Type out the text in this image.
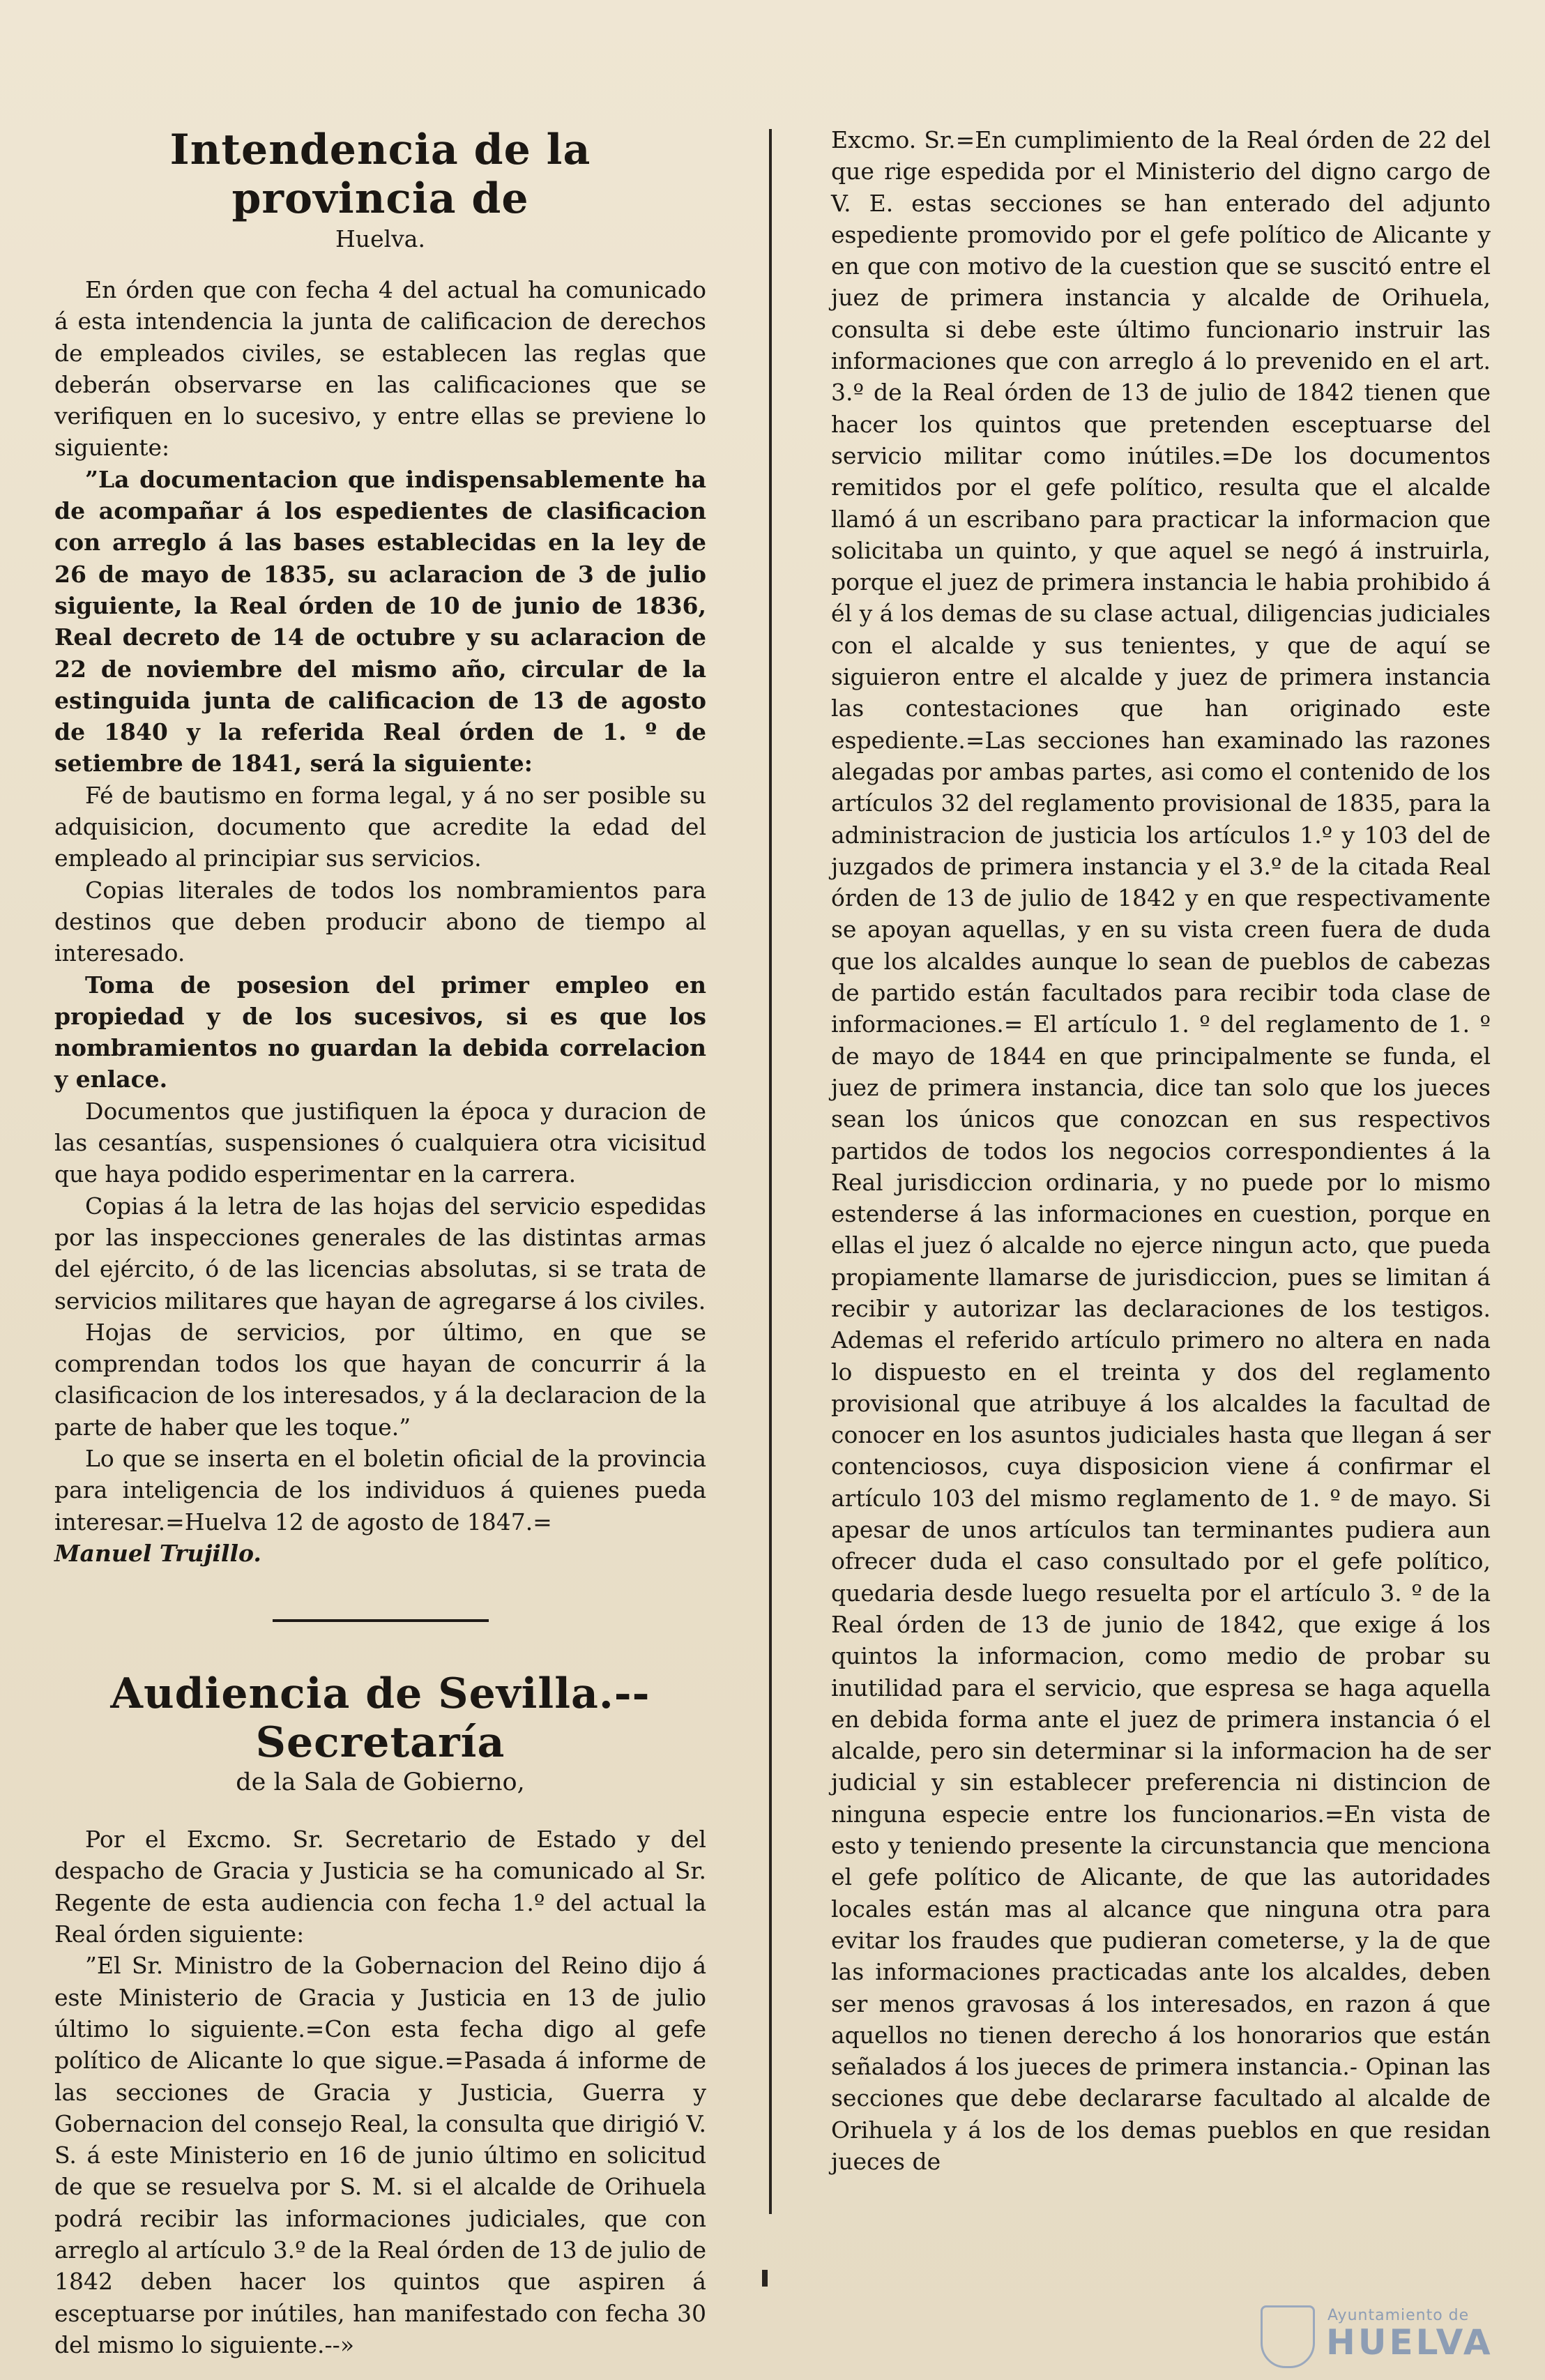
Intendencia de la provincia de
Huelva.

En órden que con fecha 4 del actual ha comunicado á esta intendencia la junta de calificacion de derechos de empleados civiles, se establecen las reglas que deberán observarse en las calificaciones que se verifiquen en lo sucesivo, y entre ellas se previene lo siguiente:

”La documentacion que indispensablemente ha de acompañar á los espedientes de clasificacion con arreglo á las bases establecidas en la ley de 26 de mayo de 1835, su aclaracion de 3 de julio siguiente, la Real órden de 10 de junio de 1836, Real decreto de 14 de octubre y su aclaracion de 22 de noviembre del mismo año, circular de la estinguida junta de calificacion de 13 de agosto de 1840 y la referida Real órden de 1. º de setiembre de 1841, será la siguiente:

Fé de bautismo en forma legal, y á no ser posible su adquisicion, documento que acredite la edad del empleado al principiar sus servicios.

Copias literales de todos los nombramientos para destinos que deben producir abono de tiempo al interesado.

Toma de posesion del primer empleo en propiedad y de los sucesivos, si es que los nombramientos no guardan la debida correlacion y enlace.

Documentos que justifiquen la época y duracion de las cesantías, suspensiones ó cualquiera otra vicisitud que haya podido esperimentar en la carrera.

Copias á la letra de las hojas del servicio espedidas por las inspecciones generales de las distintas armas del ejército, ó de las licencias absolutas, si se trata de servicios militares que hayan de agregarse á los civiles.

Hojas de servicios, por último, en que se comprendan todos los que hayan de concurrir á la clasificacion de los interesados, y á la declaracion de la parte de haber que les toque.”

Lo que se inserta en el boletin oficial de la provincia para inteligencia de los individuos á quienes pueda interesar.=Huelva 12 de agosto de 1847.=

Manuel Trujillo.

Audiencia de Sevilla.--Secretaría
de la Sala de Gobierno,

Por el Excmo. Sr. Secretario de Estado y del despacho de Gracia y Justicia se ha comunicado al Sr. Regente de esta audiencia con fecha 1.º del actual la Real órden siguiente:

”El Sr. Ministro de la Gobernacion del Reino dijo á este Ministerio de Gracia y Justicia en 13 de julio último lo siguiente.=Con esta fecha digo al gefe político de Alicante lo que sigue.=Pasada á informe de las secciones de Gracia y Justicia, Guerra y Gobernacion del consejo Real, la consulta que dirigió V. S. á este Ministerio en 16 de junio último en solicitud de que se resuelva por S. M. si el alcalde de Orihuela podrá recibir las informaciones judiciales, que con arreglo al artículo 3.º de la Real órden de 13 de julio de 1842 deben hacer los quintos que aspiren á esceptuarse por inútiles, han manifestado con fecha 30 del mismo lo siguiente.--»

Excmo. Sr.=En cumplimiento de la Real órden de 22 del que rige espedida por el Ministerio del digno cargo de V. E. estas secciones se han enterado del adjunto espediente promovido por el gefe político de Alicante y en que con motivo de la cuestion que se suscitó entre el juez de primera instancia y alcalde de Orihuela, consulta si debe este último funcionario instruir las informaciones que con arreglo á lo prevenido en el art. 3.º de la Real órden de 13 de julio de 1842 tienen que hacer los quintos que pretenden esceptuarse del servicio militar como inútiles.=De los documentos remitidos por el gefe político, resulta que el alcalde llamó á un escribano para practicar la informacion que solicitaba un quinto, y que aquel se negó á instruirla, porque el juez de primera instancia le habia prohibido á él y á los demas de su clase actual, diligencias judiciales con el alcalde y sus tenientes, y que de aquí se siguieron entre el alcalde y juez de primera instancia las contestaciones que han originado este espediente.=Las secciones han examinado las razones alegadas por ambas partes, asi como el contenido de los artículos 32 del reglamento provisional de 1835, para la administracion de justicia los artículos 1.º y 103 del de juzgados de primera instancia y el 3.º de la citada Real órden de 13 de julio de 1842 y en que respectivamente se apoyan aquellas, y en su vista creen fuera de duda que los alcaldes aunque lo sean de pueblos de cabezas de partido están facultados para recibir toda clase de informaciones.= El artículo 1. º del reglamento de 1. º de mayo de 1844 en que principalmente se funda, el juez de primera instancia, dice tan solo que los jueces sean los únicos que conozcan en sus respectivos partidos de todos los negocios correspondientes á la Real jurisdiccion ordinaria, y no puede por lo mismo estenderse á las informaciones en cuestion, porque en ellas el juez ó alcalde no ejerce ningun acto, que pueda propiamente llamarse de jurisdiccion, pues se limitan á recibir y autorizar las declaraciones de los testigos. Ademas el referido artículo primero no altera en nada lo dispuesto en el treinta y dos del reglamento provisional que atribuye á los alcaldes la facultad de conocer en los asuntos judiciales hasta que llegan á ser contenciosos, cuya disposicion viene á confirmar el artículo 103 del mismo reglamento de 1. º de mayo. Si apesar de unos artículos tan terminantes pudiera aun ofrecer duda el caso consultado por el gefe político, quedaria desde luego resuelta por el artículo 3. º de la Real órden de 13 de junio de 1842, que exige á los quintos la informacion, como medio de probar su inutilidad para el servicio, que espresa se haga aquella en debida forma ante el juez de primera instancia ó el alcalde, pero sin determinar si la informacion ha de ser judicial y sin establecer preferencia ni distincion de ninguna especie entre los funcionarios.=En vista de esto y teniendo presente la circunstancia que menciona el gefe político de Alicante, de que las autoridades locales están mas al alcance que ninguna otra para evitar los fraudes que pudieran cometerse, y la de que las informaciones practicadas ante los alcaldes, deben ser menos gravosas á los interesados, en razon á que aquellos no tienen derecho á los honorarios que están señalados á los jueces de primera instancia.- Opinan las secciones que debe declararse facultado al alcalde de Orihuela y á los de los demas pueblos en que residan jueces de

Ayuntamiento de
HUELVA
